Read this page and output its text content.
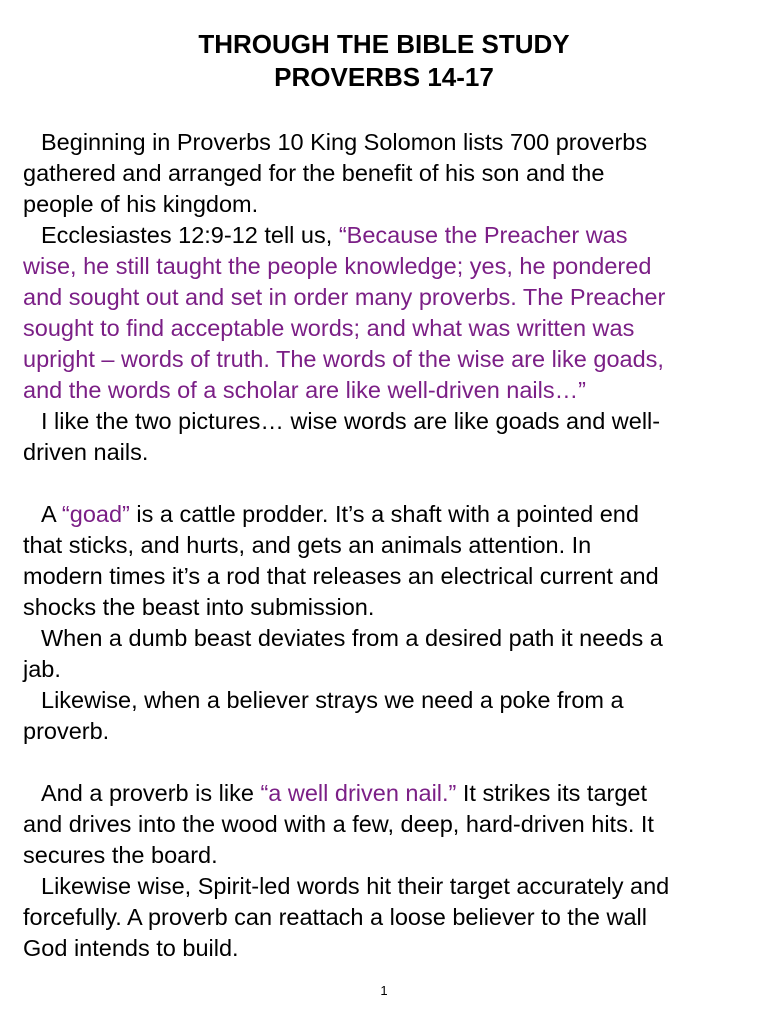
THROUGH THE BIBLE STUDY
PROVERBS 14-17
Beginning in Proverbs 10 King Solomon lists 700 proverbs
gathered and arranged for the benefit of his son and the
people of his kingdom.
Ecclesiastes 12:9-12 tell us, “Because the Preacher was
wise, he still taught the people knowledge; yes, he pondered
and sought out and set in order many proverbs. The Preacher
sought to find acceptable words; and what was written was
upright – words of truth. The words of the wise are like goads,
and the words of a scholar are like well-driven nails…”
I like the two pictures… wise words are like goads and well-
driven nails.
A “goad” is a cattle prodder. It’s a shaft with a pointed end
that sticks, and hurts, and gets an animals attention. In
modern times it’s a rod that releases an electrical current and
shocks the beast into submission.
When a dumb beast deviates from a desired path it needs a
jab.
Likewise, when a believer strays we need a poke from a
proverb.
And a proverb is like “a well driven nail.” It strikes its target
and drives into the wood with a few, deep, hard-driven hits. It
secures the board.
Likewise wise, Spirit-led words hit their target accurately and
forcefully. A proverb can reattach a loose believer to the wall
God intends to build.
1
